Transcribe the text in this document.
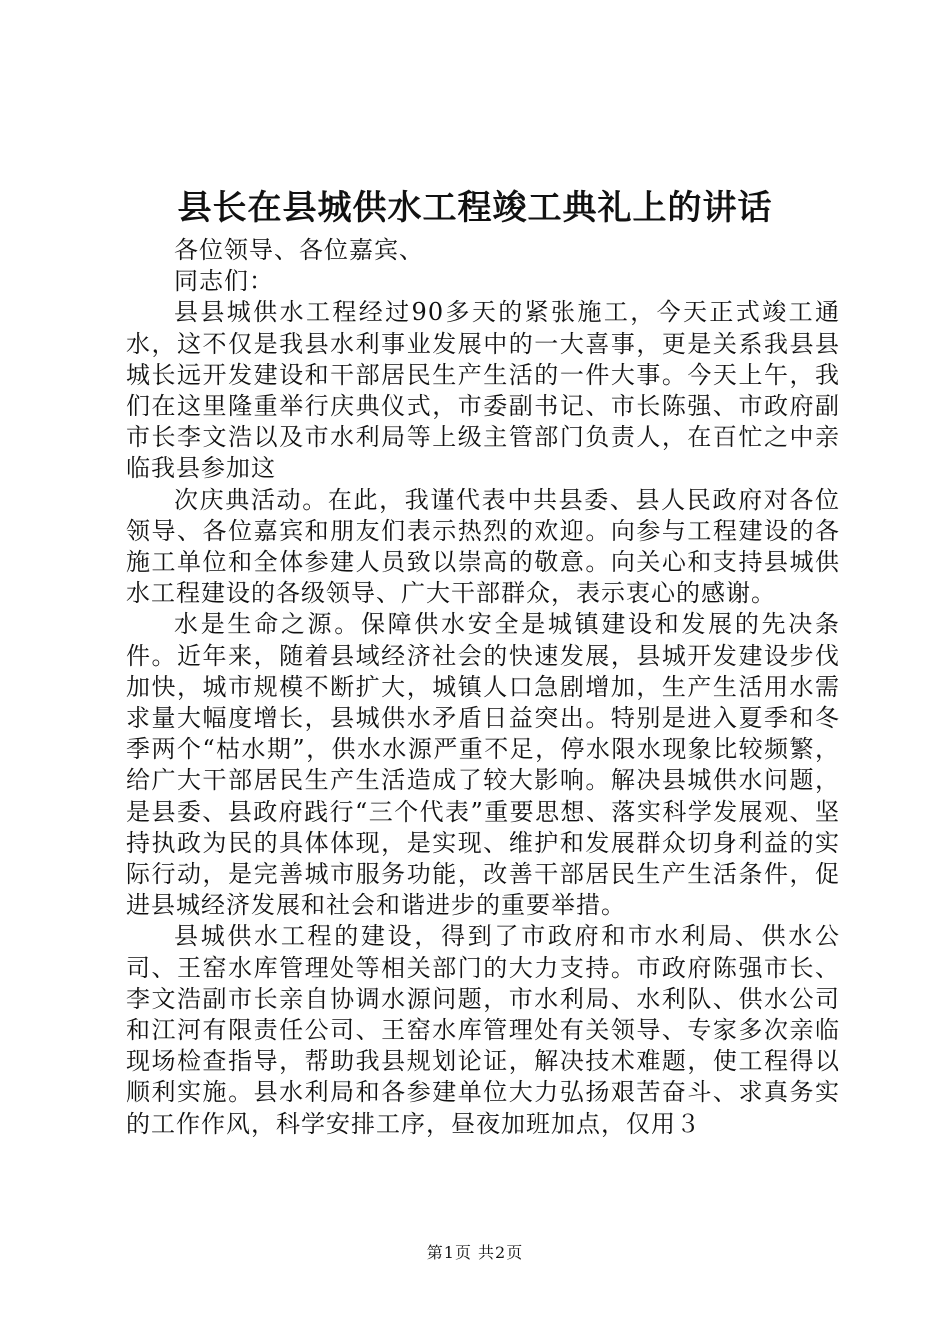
县长在县城供水工程竣工典礼上的讲话

各位领导、各位嘉宾、

同志们：

县县城供水工程经过90多天的紧张施工，今天正式竣工通水，这不仅是我县水利事业发展中的一大喜事，更是关系我县县城长远开发建设和干部居民生产生活的一件大事。今天上午，我们在这里隆重举行庆典仪式，市委副书记、市长陈强、市政府副市长李文浩以及市水利局等上级主管部门负责人，在百忙之中亲临我县参加这

次庆典活动。在此，我谨代表中共县委、县人民政府对各位领导、各位嘉宾和朋友们表示热烈的欢迎。向参与工程建设的各施工单位和全体参建人员致以崇高的敬意。向关心和支持县城供水工程建设的各级领导、广大干部群众，表示衷心的感谢。

水是生命之源。保障供水安全是城镇建设和发展的先决条件。近年来，随着县域经济社会的快速发展，县城开发建设步伐加快，城市规模不断扩大，城镇人口急剧增加，生产生活用水需求量大幅度增长，县城供水矛盾日益突出。特别是进入夏季和冬季两个“枯水期”，供水水源严重不足，停水限水现象比较频繁，给广大干部居民生产生活造成了较大影响。解决县城供水问题，是县委、县政府践行“三个代表”重要思想、落实科学发展观、坚持执政为民的具体体现，是实现、维护和发展群众切身利益的实际行动，是完善城市服务功能，改善干部居民生产生活条件，促进县城经济发展和社会和谐进步的重要举措。

县城供水工程的建设，得到了市政府和市水利局、供水公司、王窑水库管理处等相关部门的大力支持。市政府陈强市长、李文浩副市长亲自协调水源问题，市水利局、水利队、供水公司和江河有限责任公司、王窑水库管理处有关领导、专家多次亲临现场检查指导，帮助我县规划论证，解决技术难题，使工程得以顺利实施。县水利局和各参建单位大力弘扬艰苦奋斗、求真务实的工作作风，科学安排工序，昼夜加班加点，仅用３

第1页 共2页
